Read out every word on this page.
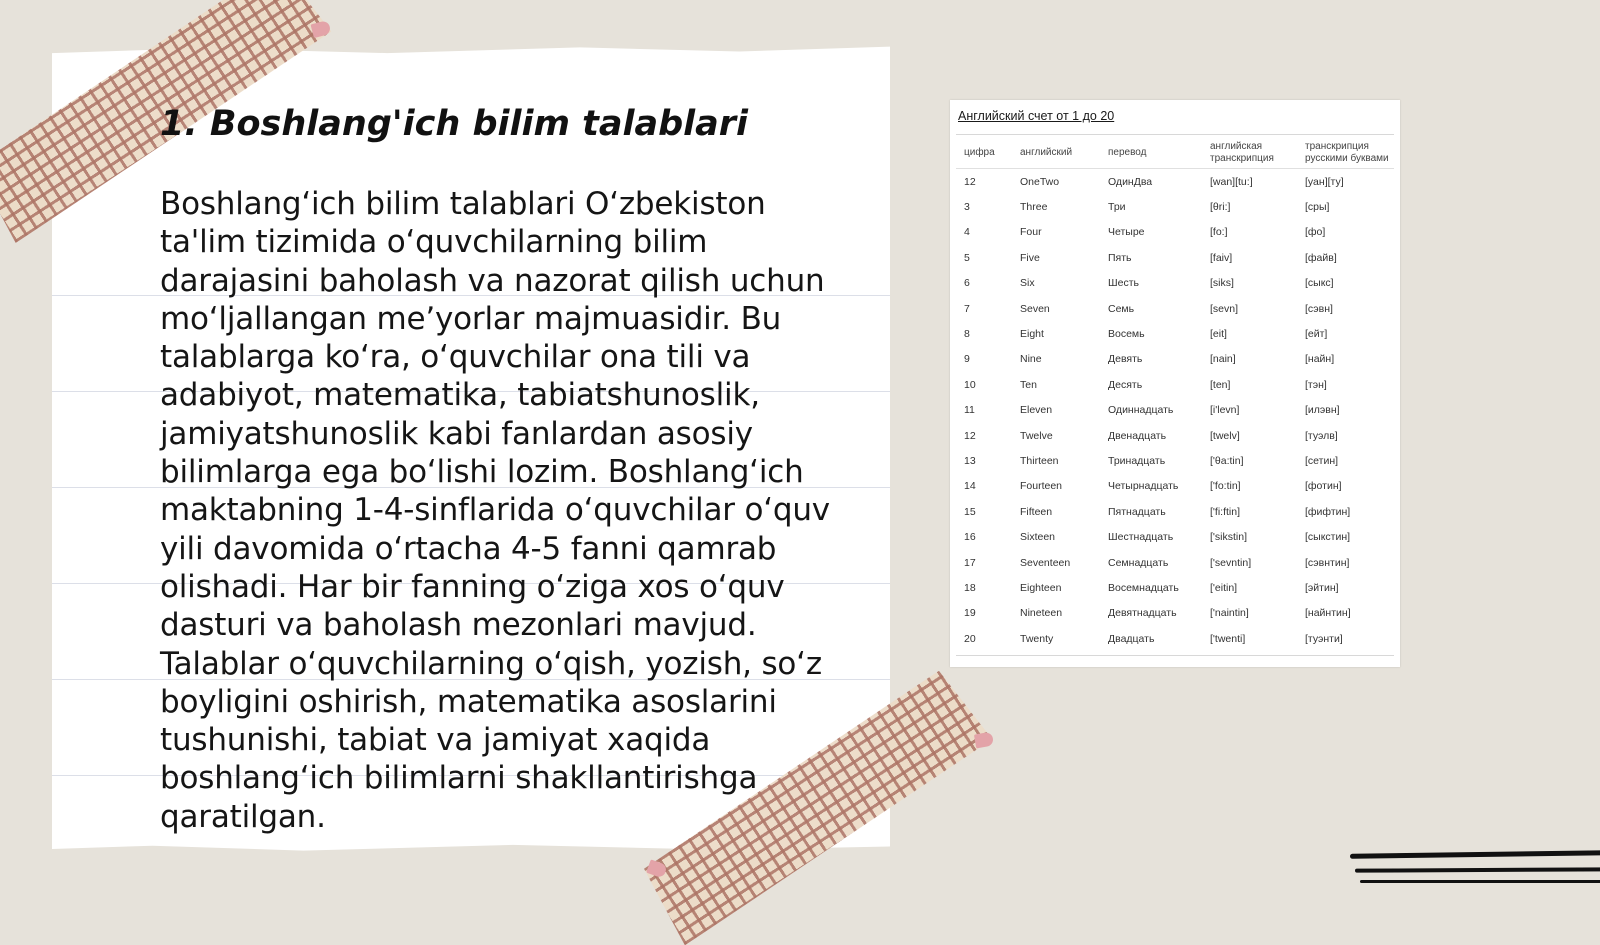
1. Boshlang'ich bilim talablari

Boshlang‘ich bilim talablari O‘zbekiston ta'lim tizimida o‘quvchilarning bilim darajasini baholash va nazorat qilish uchun mo‘ljallangan me’yorlar majmuasidir. Bu talablarga ko‘ra, o‘quvchilar ona tili va adabiyot, matematika, tabiatshunoslik, jamiyatshunoslik kabi fanlardan asosiy bilimlarga ega bo‘lishi lozim. Boshlang‘ich maktabning 1-4-sinflarida o‘quvchilar o‘quv yili davomida o‘rtacha 4-5 fanni qamrab olishadi. Har bir fanning o‘ziga xos o‘quv dasturi va baholash mezonlari mavjud. Talablar o‘quvchilarning o‘qish, yozish, so‘z boyligini oshirish, matematika asoslarini tushunishi, tabiat va jamiyat xaqida boshlang‘ich bilimlarni shakllantirishga qaratilgan.

Английский счет от 1 до 20
цифра	английский	перевод	английская транскрипция	транскрипция русскими буквами
12	OneTwo	ОдинДва	[wan][tu:]	[уан][ту]
3	Three	Три	[θri:]	[сры]
4	Four	Четыре	[fo:]	[фо]
5	Five	Пять	[faiv]	[файв]
6	Six	Шесть	[siks]	[сыкс]
7	Seven	Семь	[sevn]	[сэвн]
8	Eight	Восемь	[eit]	[ейт]
9	Nine	Девять	[nain]	[найн]
10	Ten	Десять	[ten]	[тэн]
11	Eleven	Одиннадцать	[i'levn]	[илэвн]
12	Twelve	Двенадцать	[twelv]	[туэлв]
13	Thirteen	Тринадцать	['θa:tin]	[сетин]
14	Fourteen	Четырнадцать	['fo:tin]	[фотин]
15	Fifteen	Пятнадцать	['fi:ftin]	[фифтин]
16	Sixteen	Шестнадцать	['sikstin]	[сыкстин]
17	Seventeen	Семнадцать	['sevntin]	[сэвнтин]
18	Eighteen	Восемнадцать	['eitin]	[эйтин]
19	Nineteen	Девятнадцать	['naintin]	[найнтин]
20	Twenty	Двадцать	['twenti]	[туэнти]
